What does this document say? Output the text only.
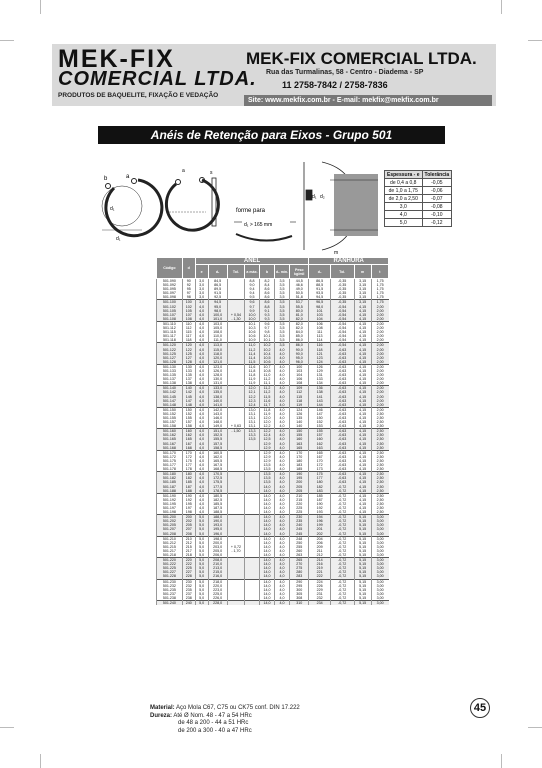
MEK-FIX
COMERCIAL LTDA.
PRODUTOS DE BAQUELITE, FIXAÇÃO E VEDAÇÃO
MEK-FIX COMERCIAL LTDA.
Rua das Turmalinas, 58 - Centro - Diadema - SP
11 2758-7842 / 2758-7836
Site: www.mekfix.com.br - E-mail: mekfix@mekfix.com.br
Anéis de Retenção para Eixos - Grupo 501
b	a
d₁
d₁
a	s
forme para
d₁ > 165 mm
d₁ d₂
m
Espessura - e	Tolerância
de 0,4 a 0,8	-0,05
de 1,0 a 1,75	-0,06
de 2,0 a 2,50	-0,07
3,0	-0,08
4,0	-0,10
5,0	-0,12
Código	d	ANEL							RANHURA			
		e	d₁	Tol.	a máx.	b	d₂ mín.	Peso kg/mil	d₂	Tol.	m	t
501.090	90	3,0	84,5		8,8	8,2	3,5	44,5	86,5	-0,35	3,15	1,75
501.092	92	3,0	86,5		9,0	8,4	3,5	46,6	88,5	-0,35	3,15	1,75
501.095	95	3,0	89,5		9,4	8,6	3,5	49,0	91,5	-0,35	3,15	1,75
501.097	97	3,0	91,5		9,4	8,6	3,5	50,5	93,5	-0,35	3,15	1,75
501.098	98	3,0	92,5		9,5	8,6	3,5	51,8	94,5	-0,35	3,15	1,75
501.100	100	3,0	94,5		9,6	8,6	3,5	53,7	96,5	-0,35	3,15	1,75
501.102	102	4,0	95,0		9,7	8,8	3,5	55,5	98,0	-0,54	4,15	2,00
501.105	105	4,0	98,0		9,9	9,1	3,5	80,0	101	-0,54	4,15	2,00
501.107	107	4,0	100,0	+ 0,54	10,0	9,3	3,5	81,0	103	-0,54	4,15	2,00
501.108	108	4,0	101,0	- 1,30	10,0	9,3	3,5	82,0	104	-0,54	4,15	2,00
501.110	110	4,0	103,0		10,1	9,6	3,5	82,0	106	-0,54	4,15	2,00
501.112	112	4,0	105,0		10,3	9,7	3,5	82,0	108	-0,54	4,15	2,00
501.115	115	4,0	108,0		10,6	9,8	3,5	84,0	111	-0,54	4,15	2,00
501.117	117	4,0	110,0		10,6	10,1	3,5	85,0	113	-0,54	4,15	2,00
501.118	118	4,0	111,0		10,9	10,1	3,5	86,0	114	-0,54	4,15	2,00
501.120	120	4,0	113,0		11,0	10,2	3,5	86,0	116	-0,54	4,15	2,00
501.122	122	4,0	115,0		11,2	10,2	4,0	90,0	118	-0,63	4,15	2,00
501.125	125	4,0	118,0		11,4	10,4	4,0	90,0	121	-0,63	4,15	2,00
501.127	127	4,0	120,0		11,4	10,5	4,0	95,0	123	-0,63	4,15	2,00
501.128	128	4,0	121,0		11,5	10,6	4,0	96,0	124	-0,63	4,15	2,00
501.130	130	4,0	123,0		11,6	10,7	4,0	100	126	-0,63	4,15	2,00
501.133	133	4,0	126,0		11,8	10,8	4,0	103	129	-0,63	4,15	2,00
501.135	135	4,0	128,0		11,8	11,0	4,0	104	131	-0,63	4,15	2,00
501.137	137	4,0	130,0		11,9	11,2	4,0	106	133	-0,63	4,15	2,00
501.138	138	4,0	131,0		11,9	11,1	4,0	108	134	-0,63	4,15	2,00
501.140	140	4,0	133,0		12,0	11,2	4,0	109	136	-0,63	4,15	2,00
501.142	142	4,0	135,0		12,1	11,2	4,0	112	138	-0,63	4,15	2,00
501.145	145	4,0	138,0		12,2	11,5	4,0	115	141	-0,63	4,15	2,00
501.147	147	4,0	140,0		12,3	11,6	4,0	118	143	-0,63	4,15	2,00
501.148	148	4,0	141,0		12,4	11,7	4,0	119	144	-0,63	4,15	2,00
501.150	150	4,0	142,0		13,0	11,8	4,0	124	146	-0,63	4,15	2,00
501.152	152	4,0	143,0		13,1	11,9	4,0	126	147	-0,63	4,15	2,50
501.155	155	4,0	146,0		13,1	12,0	4,0	135	150	-0,63	4,15	2,50
501.157	157	4,0	148,0		13,1	12,0	4,0	140	152	-0,63	4,15	2,50
501.158	158	4,0	149,0	+ 0,63	13,1	12,2	4,0	140	153	-0,63	4,15	2,50
501.160	160	4,0	151,0	- 1,50	13,3	12,2	4,0	150	155	-0,63	4,15	2,50
501.162	162	4,0	152,5		13,3	12,4	4,0	155	157	-0,63	4,15	2,50
501.165	165	4,0	155,5		13,5	12,5	4,0	160	160	-0,63	4,15	2,50
501.167	167	4,0	157,5			12,9	4,0	163	162	-0,63	4,15	2,50
501.168	168	4,0	158,5			12,9	4,0	165	163	-0,63	4,15	2,50
501.170	170	4,0	160,5			12,9	4,0	170	165	-0,63	4,15	2,50
501.172	172	4,0	162,0			12,9	4,0	170	167	-0,63	4,15	2,50
501.175	175	4,0	165,5			12,9	4,0	180	170	-0,63	4,15	2,50
501.177	177	4,0	167,5			13,5	4,0	183	172	-0,63	4,15	2,50
501.178	178	4,0	168,5			13,5	4,0	185	173	-0,63	4,15	2,50
501.180	180	4,0	170,5			13,5	4,0	190	175	-0,63	4,15	2,50
501.182	182	4,0	172,5			13,5	4,0	195	177	-0,63	4,15	2,50
501.185	185	4,0	175,5			13,5	4,0	200	180	-0,63	4,15	2,50
501.187	187	4,0	177,5			14,0	4,0	205	182	-0,72	4,15	2,50
501.188	188	4,0	178,5			14,0	4,0	205	183	-0,72	4,15	2,50
501.190	190	4,0	180,5			14,0	4,0	210	185	-0,72	4,15	2,50
501.192	192	4,0	182,5			14,0	4,0	215	187	-0,72	4,15	2,50
501.195	195	4,0	185,5			14,0	4,0	220	190	-0,72	4,15	2,50
501.197	197	4,0	187,5			14,0	4,0	225	192	-0,72	4,15	2,50
501.198	198	4,0	188,5			14,0	4,0	225	193	-0,72	4,15	2,50
501.200	200	5,0	188,0			14,0	4,0	230	194	-0,72	5,15	3,00
501.202	202	5,0	190,0			14,0	4,0	235	196	-0,72	5,15	3,00
501.205	205	5,0	193,0			14,0	4,0	240	199	-0,72	5,15	3,00
501.207	207	5,0	195,0			14,0	4,0	245	201	-0,72	5,15	3,00
501.208	208	5,0	196,0			14,0	4,0	245	202	-0,72	5,15	3,00
501.210	210	5,0	198,0			14,0	4,0	248	204	-0,72	5,15	3,00
501.212	212	5,0	200,0			14,0	4,0	250	206	-0,72	5,15	3,00
501.215	215	5,0	203,0	+ 0,72		14,0	4,0	255	209	-0,72	5,15	3,00
501.217	217	5,0	205,0	- 1,70		14,0	4,0	260	211	-0,72	5,15	3,00
501.218	218	5,0	206,0			14,0	4,0	263	212	-0,72	5,15	3,00
501.220	220	5,0	208,0			14,0	4,0	265	214	-0,72	5,15	3,00
501.222	222	5,0	210,0			14,0	4,0	270	216	-0,72	5,15	3,00
501.225	225	5,0	213,0			14,0	4,0	275	219	-0,72	5,15	3,00
501.227	227	5,0	215,0			14,0	4,0	280	221	-0,72	5,15	3,00
501.228	228	5,0	216,0			14,0	4,0	283	222	-0,72	5,15	3,00
501.230	230	5,0	218,0			14,0	4,0	290	224	-0,72	5,15	3,00
501.232	232	5,0	220,0			14,0	4,0	295	226	-0,72	5,15	3,00
501.235	235	5,0	223,0			14,0	4,0	300	229	-0,72	5,15	3,00
501.237	237	5,0	225,0			14,0	4,0	305	231	-0,72	5,15	3,00
501.238	238	5,0	226,0			14,0	4,0	308	232	-0,72	5,15	3,00
501.240	240	5,0	228,0			14,0	4,0	310	234	-0,72	5,15	3,00
Material: Aço Mola C67, C75 ou CK75 conf. DIN 17.222
Dureza: Até Ø Nom. 48 - 47 a 54 HRc
de 48 a 200 - 44 a 51 HRc
de 200 a 300 - 40 a 47 HRc
45
